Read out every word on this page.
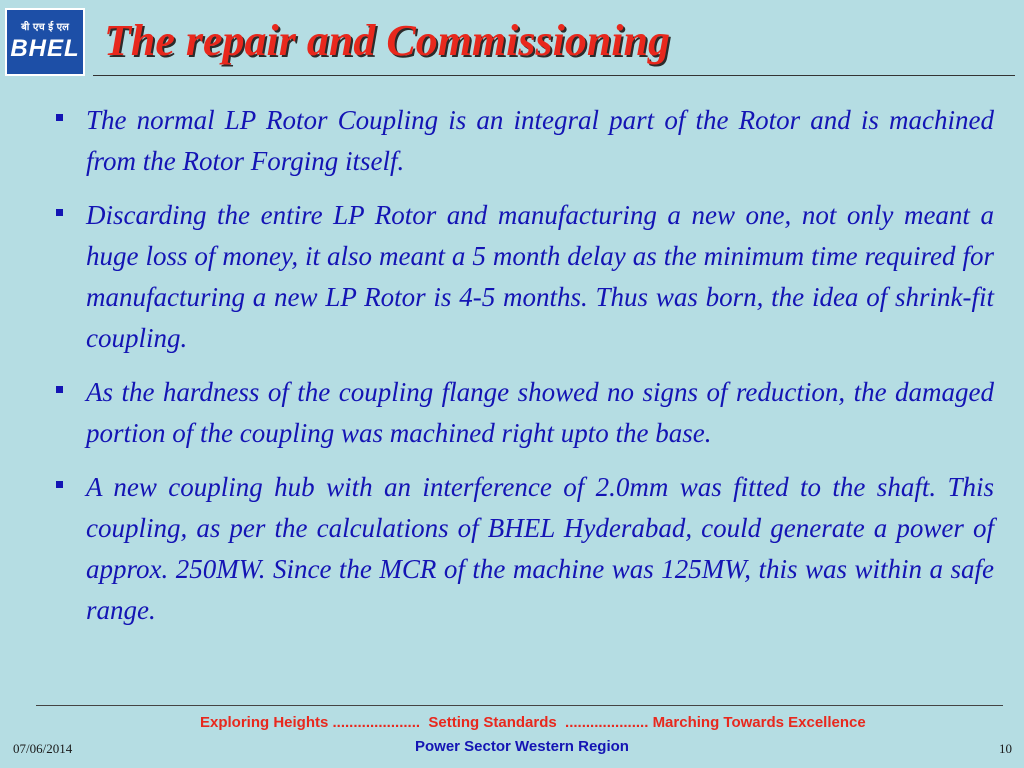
बी एच ई एल
BHEL The repair and Commissioning
The normal LP Rotor Coupling is an integral part of the Rotor and is machined from the Rotor Forging itself.
Discarding the entire LP Rotor and manufacturing a new one, not only meant a huge loss of money, it also meant a 5 month delay as the minimum time required for manufacturing a new LP Rotor is 4-5 months. Thus was born, the idea of shrink-fit coupling.
As the hardness of the coupling flange showed no signs of reduction, the damaged portion of the coupling was machined right upto the base.
A new coupling hub with an interference of 2.0mm was fitted to the shaft. This coupling, as per the calculations of BHEL Hyderabad, could generate a power of approx. 250MW. Since the MCR of the machine was 125MW, this was within a safe range.
Exploring Heights .....................  Setting Standards  .................... Marching Towards Excellence
Power Sector Western Region
07/06/2014	10
